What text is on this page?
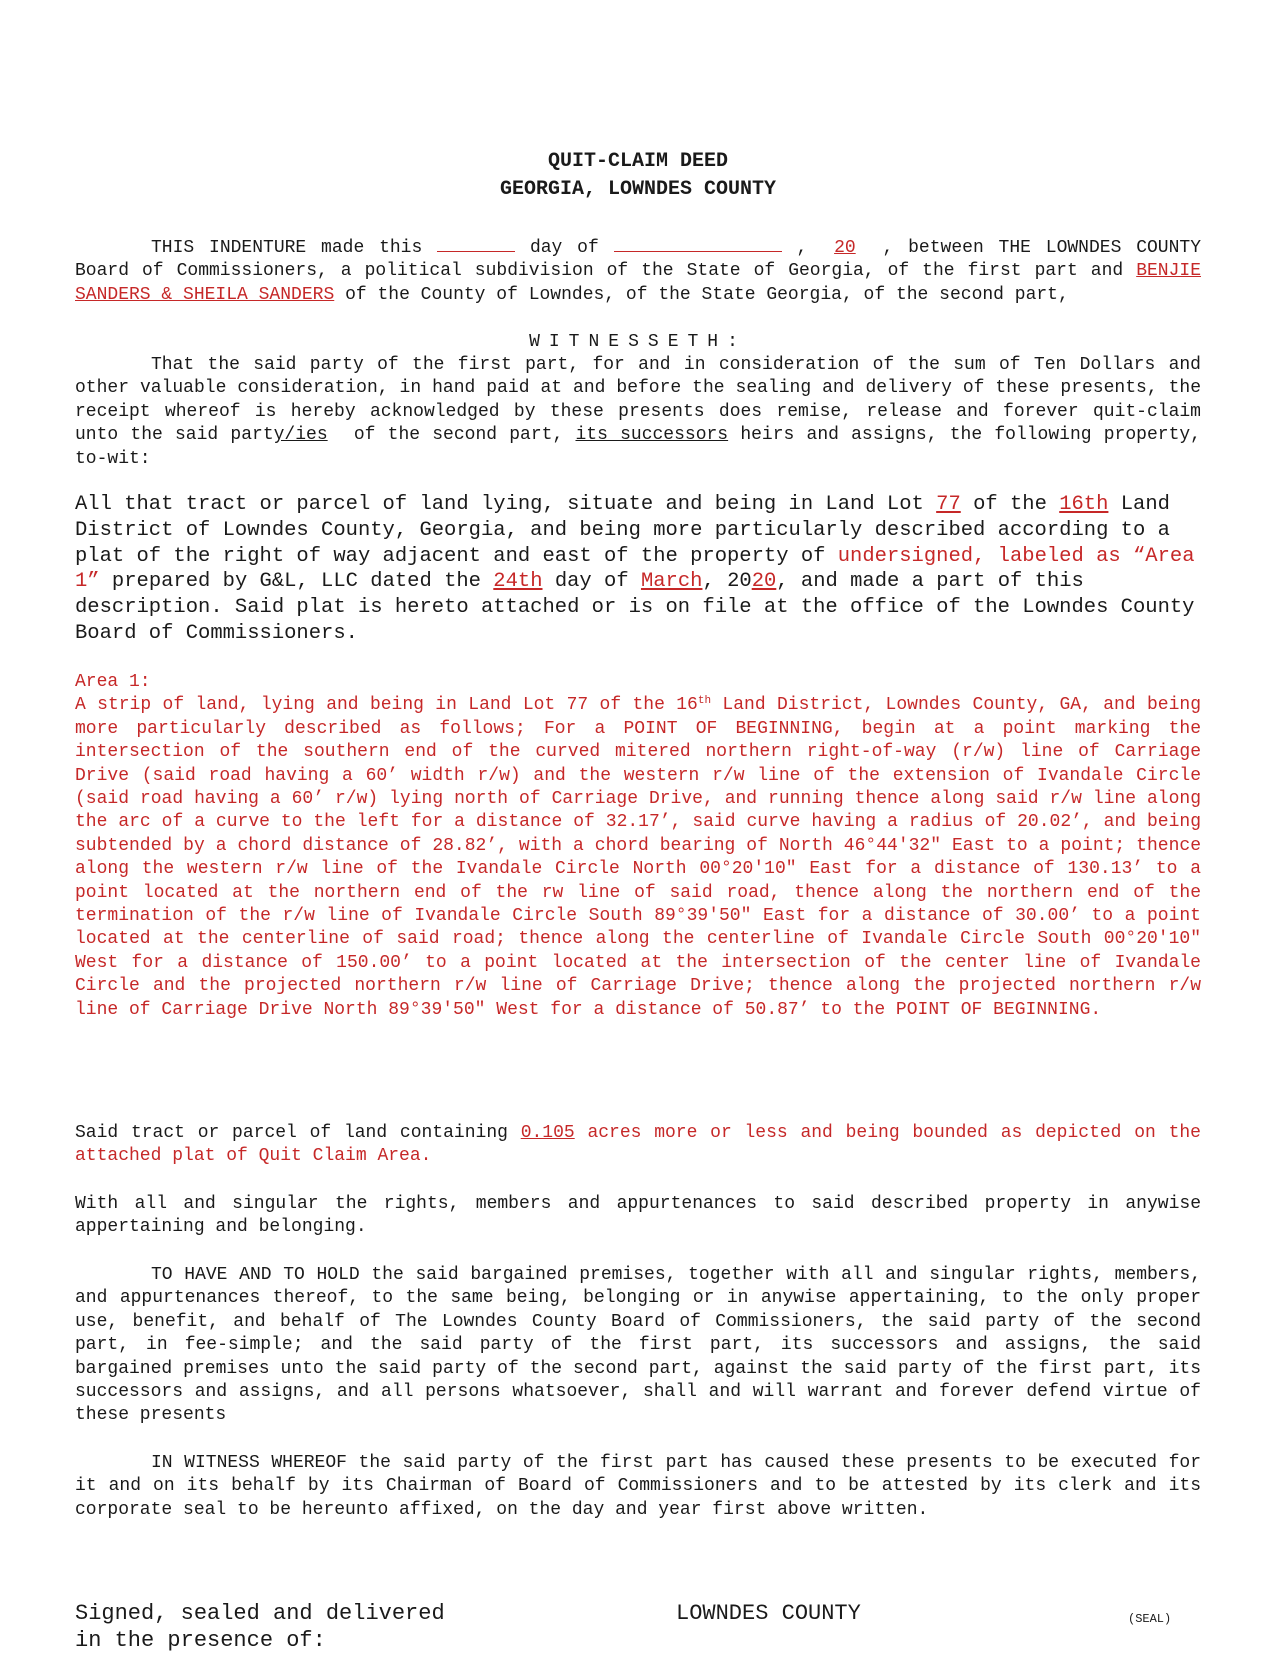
QUIT-CLAIM DEED
GEORGIA, LOWNDES COUNTY

THIS INDENTURE made this	day of	, 20 , between THE LOWNDES COUNTY Board of Commissioners, a political subdivision of the State of Georgia, of the first part and BENJIE SANDERS & SHEILA SANDERS of the County of Lowndes, of the State Georgia, of the second part,

WITNESSETH:

That the said party of the first part, for and in consideration of the sum of Ten Dollars and other valuable consideration, in hand paid at and before the sealing and delivery of these presents, the receipt whereof is hereby acknowledged by these presents does remise, release and forever quit-claim unto the said party/ies of the second part, its successors heirs and assigns, the following property, to-wit:

All that tract or parcel of land lying, situate and being in Land Lot 77 of the 16th Land District of Lowndes County, Georgia, and being more particularly described according to a plat of the right of way adjacent and east of the property of undersigned, labeled as “Area 1” prepared by G&L, LLC dated the 24th day of March, 2020, and made a part of this description. Said plat is hereto attached or is on file at the office of the Lowndes County Board of Commissioners.

Area 1:

A strip of land, lying and being in Land Lot 77 of the 16th Land District, Lowndes County, GA, and being more particularly described as follows; For a POINT OF BEGINNING, begin at a point marking the intersection of the southern end of the curved mitered northern right-of-way (r/w) line of Carriage Drive (said road having a 60’ width r/w) and the western r/w line of the extension of Ivandale Circle (said road having a 60’ r/w) lying north of Carriage Drive, and running thence along said r/w line along the arc of a curve to the left for a distance of 32.17’, said curve having a radius of 20.02’, and being subtended by a chord distance of 28.82’, with a chord bearing of North 46°44'32" East to a point; thence along the western r/w line of the Ivandale Circle North 00°20'10" East for a distance of 130.13’ to a point located at the northern end of the rw line of said road, thence along the northern end of the termination of the r/w line of Ivandale Circle South 89°39'50" East for a distance of 30.00’ to a point located at the centerline of said road; thence along the centerline of Ivandale Circle South 00°20'10" West for a distance of 150.00’ to a point located at the intersection of the center line of Ivandale Circle and the projected northern r/w line of Carriage Drive; thence along the projected northern r/w line of Carriage Drive North 89°39'50" West for a distance of 50.87’ to the POINT OF BEGINNING.

Said tract or parcel of land containing 0.105 acres more or less and being bounded as depicted on the attached plat of Quit Claim Area.

With all and singular the rights, members and appurtenances to said described property in anywise appertaining and belonging.

TO HAVE AND TO HOLD the said bargained premises, together with all and singular rights, members, and appurtenances thereof, to the same being, belonging or in anywise appertaining, to the only proper use, benefit, and behalf of The Lowndes County Board of Commissioners, the said party of the second part, in fee-simple; and the said party of the first part, its successors and assigns, the said bargained premises unto the said party of the second part, against the said party of the first part, its successors and assigns, and all persons whatsoever, shall and will warrant and forever defend virtue of these presents

IN WITNESS WHEREOF the said party of the first part has caused these presents to be executed for it and on its behalf by its Chairman of Board of Commissioners and to be attested by its clerk and its corporate seal to be hereunto affixed, on the day and year first above written.

Signed, sealed and delivered
in the presence of:
LOWNDES COUNTY	(SEAL)
